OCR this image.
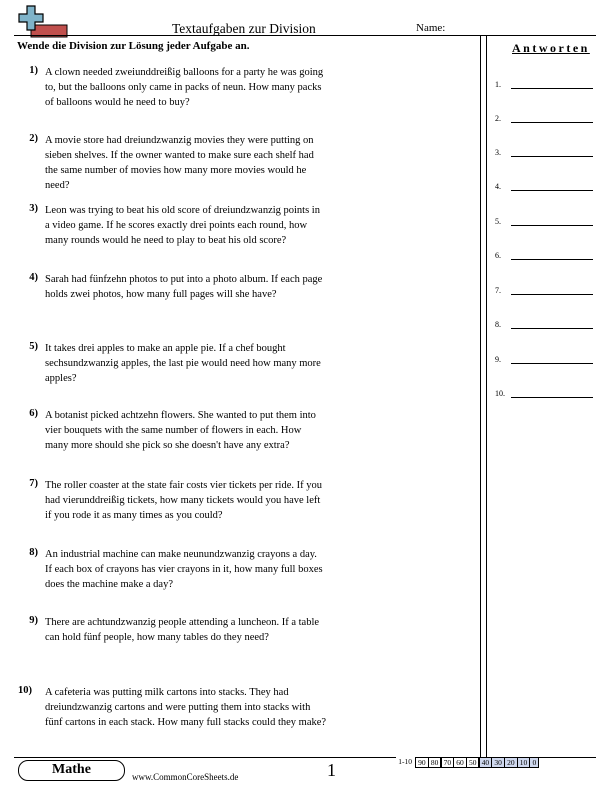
Textaufgaben zur Division	Name:
Wende die Division zur Lösung jeder Aufgabe an.	Antworten
1) A clown needed zweiunddreißig balloons for a party he was going
to, but the balloons only came in packs of neun. How many packs
of balloons would he need to buy?
2) A movie store had dreiundzwanzig movies they were putting on
sieben shelves. If the owner wanted to make sure each shelf had
the same number of movies how many more movies would he
need?
3) Leon was trying to beat his old score of dreiundzwanzig points in
a video game. If he scores exactly drei points each round, how
many rounds would he need to play to beat his old score?
4) Sarah had fünfzehn photos to put into a photo album. If each page
holds zwei photos, how many full pages will she have?
5) It takes drei apples to make an apple pie. If a chef bought
sechsundzwanzig apples, the last pie would need how many more
apples?
6) A botanist picked achtzehn flowers. She wanted to put them into
vier bouquets with the same number of flowers in each. How
many more should she pick so she doesn't have any extra?
7) The roller coaster at the state fair costs vier tickets per ride. If you
had vierunddreißig tickets, how many tickets would you have left
if you rode it as many times as you could?
8) An industrial machine can make neunundzwanzig crayons a day.
If each box of crayons has vier crayons in it, how many full boxes
does the machine make a day?
9) There are achtundzwanzig people attending a luncheon. If a table
can hold fünf people, how many tables do they need?
10) A cafeteria was putting milk cartons into stacks. They had
dreiundzwanzig cartons and were putting them into stacks with
fünf cartons in each stack. How many full stacks could they make?
1.
2.
3.
4.
5.
6.
7.
8.
9.
10.
Mathe	www.CommonCoreSheets.de	1	1-10 90 80 70 60 50 40 30 20 10 0
